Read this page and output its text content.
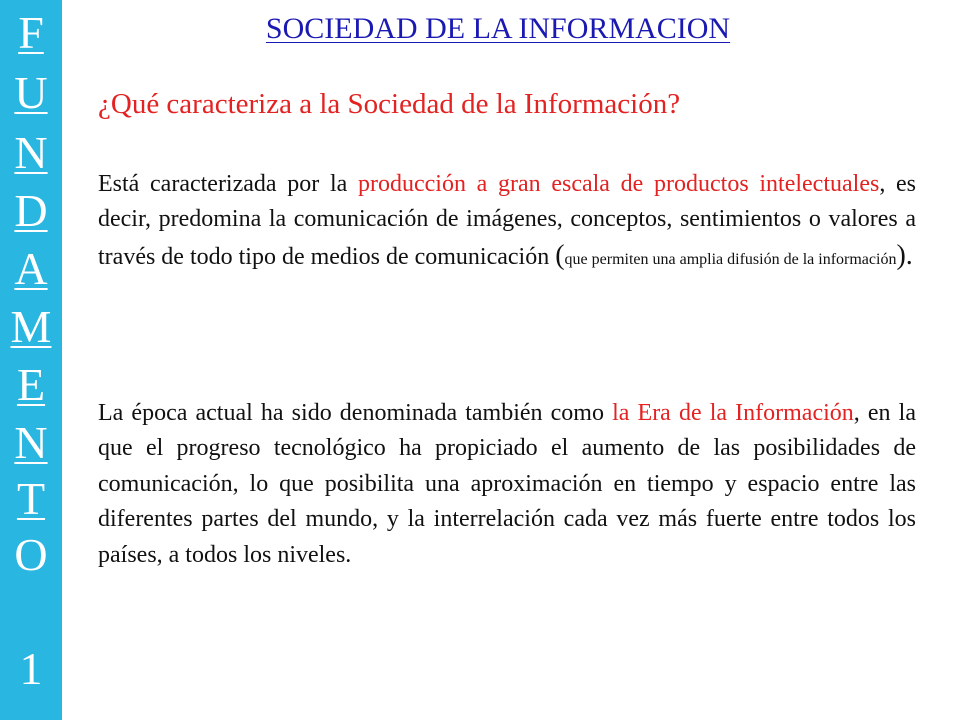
F
U
N
D
A
M
E
N
T
O
1
SOCIEDAD DE LA INFORMACION
¿Qué caracteriza a la Sociedad de la Información?
Está caracterizada por la producción a gran escala de productos intelectuales, es decir, predomina la comunicación de imágenes, conceptos, sentimientos o valores a través de todo tipo de medios de comunicación (que permiten una amplia difusión de la información).
La época actual ha sido denominada también como la Era de la Información, en la que el progreso tecnológico ha propiciado el aumento de las posibilidades de comunicación, lo que posibilita una aproximación en tiempo y espacio entre las diferentes partes del mundo, y la interrelación cada vez más fuerte entre todos los países, a todos los niveles.
